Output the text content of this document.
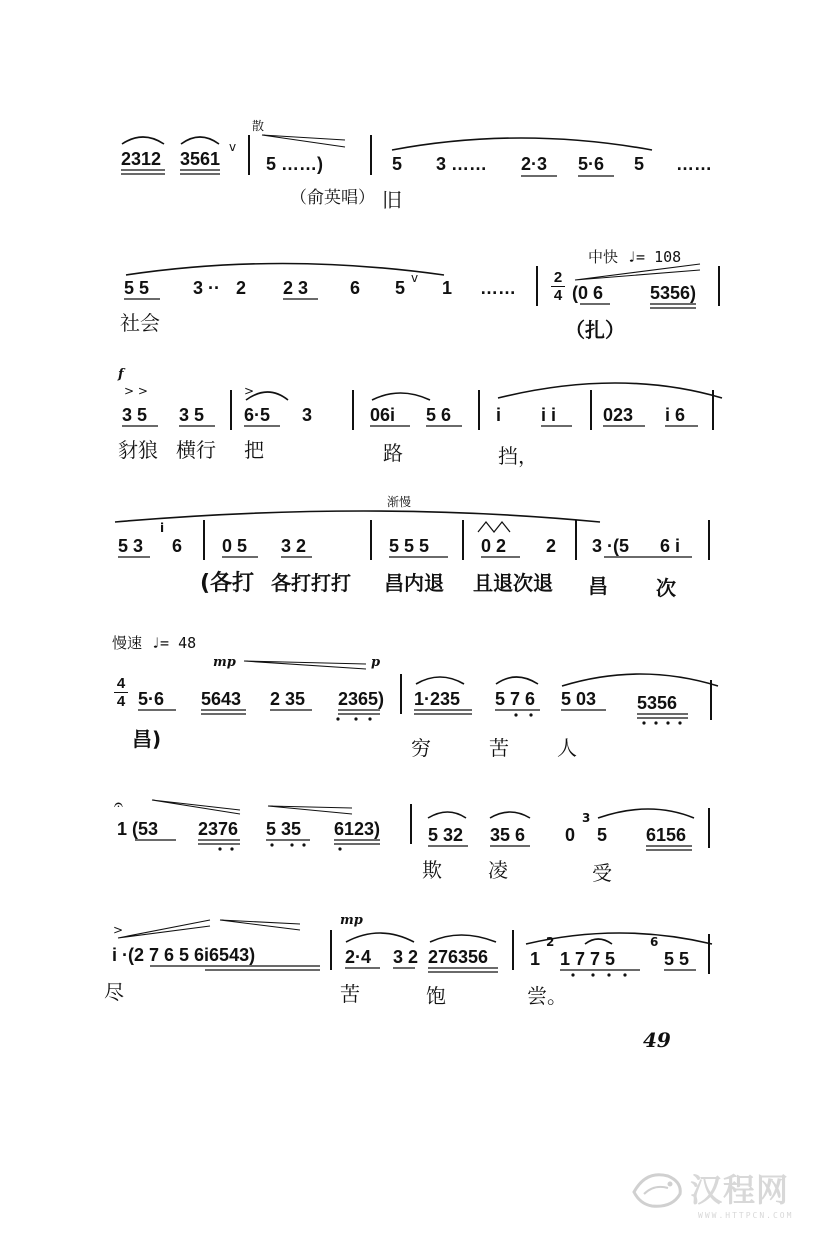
散
2312 3561
v
5 ……)	5 3 …… 2·3 5·6 5 ……
（俞英唱） 旧
中快 ♩= 108
5 5 3 ·· 2 2 3 6 5 v 1 ……
2
4 (0 6	5356)
社会	（扎）
f
> >	>
3 5 3 5 6·5 3	06i 5 6 i i i	023 i 6
豺狼 横行 把	路	挡，
渐慢
5 3
i
6 0 5 3 2	5 5 5	0 2 2 3 ·(5 6 i
(各打 各打打打 昌内退 且退次退 昌 次
慢速 ♩= 48
mp	p
4
4 5·6 5643 2 35 2365) 1·235 5 7 6 5 03 5356
昌)	穷	苦 人
𝄐
1 (53 2376 5 35 6123)	5 32 35 6 0
3
5 6156
欺 凌	受
mp
>
i ·(2 7 6 5 6i6543)	2·4 3 2 276356 1
2
1 7 7 5
6
5 5
尽	苦	饱	尝。
49
汉程网
WWW.HTTPCN.COM
